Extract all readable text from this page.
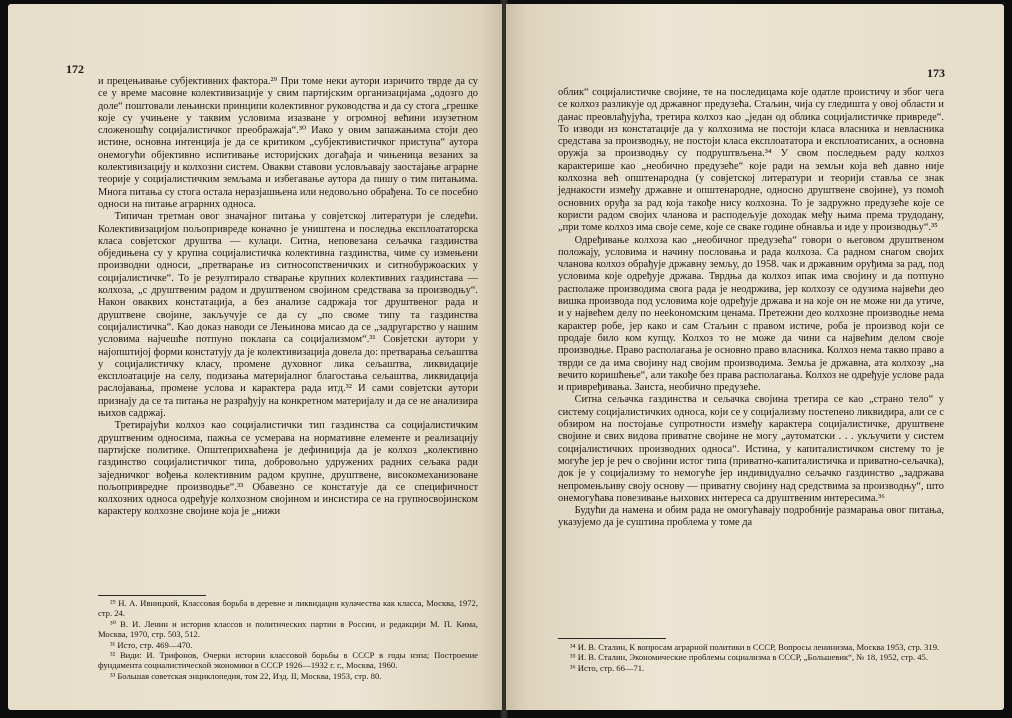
172

и прецењивање субјективних фактора.²⁹ При томе неки аутори изричито тврде да су се у време масовне колективизације у свим партијским организацијама „одозго до доле“ поштовали лењински принципи колективног руководства и да су стога „грешке које су учињене у таквим условима изазване у огромној већини изузетном сложеношћу социјалистичког преображаја“.³⁰ Иако у овим запажањима стоји део истине, основна интенција је да се критиком „субјективистичког приступа“ аутора онемогући објективно испитивање историјских догађаја и чињеница везаних за колективизацију и колхозни систем. Овакви ставови условљавају заостајање аграрне теорије у социјалистичким земљама и избегавање аутора да пишу о тим питањима. Многа питања су стога остала неразјашњена или недовољно обрађена. То се посебно односи на питање аграрних односа.

Типичан третман овог значајног питања у совјетској литератури је следећи. Колективизацијом пољопривреде коначно је уништена и последња експлоататорска класа совјетског друштва — кулаци. Ситна, неповезана сељачка газдинства обједињена су у крупна социјалистичка колективна газдинства, чиме су измењени производни односи, „претварање из ситносопственичких и ситнобуржоаских у социјалистичке“. То је резултирало стварање крупних колективних газдинстава — колхоза, „с друштвеним радом и друштвеном својином средствава за производњу“. Након оваквих констатација, а без анализе садржаја тог друштвеног рада и друштвене својине, закључује се да су „по своме типу та газдинства социјалистичка“. Као доказ наводи се Лењинова мисао да се „задругарство у нашим условима најчешће потпуно поклапа са социјализмом“.³¹ Совјетски аутори у најопштијој форми констатују да је колективизација довела до: претварања сељаштва у социјалистичку класу, промене духовног лика сељаштва, ликвидације експлоатације на селу, подизања материјалног благостања сељаштва, ликвидација раслојавања, промене услова и карактера рада итд.³² И сами совјетски аутори признају да се та питања не разрађују на конкретном материјалу и да се не анализира њихов садржај.

Третирајући колхоз као социјалистички тип газдинства са социјалистичким друштвеним односима, пажња се усмерава на нормативне елементе и реализацију партијске политике. Општеприхваћена је дефиниција да је колхоз „колективно газдинство социјалистичког типа, добровољно удружених радних сељака ради заједничког вођења колективним радом крупне, друштвене, високомеханизоване пољопривредне производње“.³³ Обавезно се констатује да се специфичност колхозних односа одређује колхозном својином и инсистира се на групносвојинском карактеру колхозне својине која је „нижи

²⁹ Н. А. Ивницкий, Классовая борьба в деревне и ликвидация кулачества как класса, Москва, 1972, стр. 24.
³⁰ В. И. Ленин и история классов и политических партии в России, и редакцији М. П. Кима, Москва, 1970, стр. 503, 512.
³¹ Исто, стр. 469—470.
³² Види: И. Трифонов, Очерки истории классовой борьбы в СССР в годы нэпа; Построение фундамента социалистической экономики в СССР 1926—1932 г. г., Москва, 1960.
³³ Большая советская энциклопедия, том 22, Изд. II, Москва, 1953, стр. 80.
173

облик“ социјалистичке својине, те на последицама које одатле проистичу и због чега се колхоз разликује од државног предузећа. Стаљин, чија су гледишта у овој области и данас преовлађујућа, третира колхоз као „један од облика социјалистичке привреде“. То изводи из констатације да у колхозима не постоји класа власника и невласника средстава за производњу, не постоји класа експлоататора и експлоатисаних, а основна оружја за производњу су подруштвљена.³⁴ У свом последњем раду колхоз карактерише као „необично предузеће“ које ради на земљи која већ давно није колхозна већ општенародна (у совјетској литератури и теорији стављa се знак једнакости између државне и општенародне, односно друштвене својине), уз помоћ основних оруђа за рад која такође нису колхозна. То је задружно предузеће које се користи радом својих чланова и расподељује доходак међу њима према трудодану, „при томе колхоз има своје семе, које се сваке године обнавља и иде у производњу“.³⁵

Одређивање колхоза као „необичног предузећа“ говори о његовом друштвеном положају, условима и начину пословања и рада колхоза. Са радном снагом својих чланова колхоз обрађује државну земљу, до 1958. чак и државним оруђима за рад, под условима које одређује држава. Тврдња да колхоз ипак има својину и да потпуно располаже производима свога рада је неодржива, јер колхозу се одузима највећи део вишка производа под условима које одређује држава и на које он не може ни да утиче, и у највећем делу по нееkономским ценама. Претежни део колхозне производње нема карактер робе, јер како и сам Стаљин с правом истиче, роба је производ који се продаје било ком купцу. Колхоз то не може да чини са највећим делом своје производње. Право располагања је основно право власника. Колхоз нема такво право а тврди се да има својину над својим производима. Земља је државна, ата колхозу „на вечито коришћење“, али такође без права располагања. Колхоз не одређује услове рада и привређивања. Заиста, необично предузеће.

Ситна сељачка газдинства и сељачка својина третира се као „страно тело“ у систему социјалистичких односа, који се у социјализму постепено ликвидира, али се с обзиром на постојање супротности између карактера социјалистичке, друштвене својине и свих видова приватне својине не могу „аутоматски . . . укључити у систем социјалистичких производних односа“. Истина, у капиталистичком систему то је могуће јер је реч о својини истог типа (приватно-капиталистичка и приватно-сељачка), док је у социјализму то немогуће јер индивидуално сељачко газдинство „задржава непромењљиву своју основу — приватну својину над средствима за производњу“, што онемогућава повезивање њихових интереса са друштвеним интересима.³⁶

Будући да намена и обим рада не омогућавају подробније размарања овог питања, указујемо да је суштина проблема у томе да

³⁴ И. В. Сталин, К вопросам аграрной политики в СССР, Вопросы ленинизма, Москва 1953, стр. 319.
³⁵ И. В. Сталин, Экономические проблемы социализма в СССР, „Большевик“, № 18, 1952, стр. 45.
³⁶ Исто, стр. 66—71.
